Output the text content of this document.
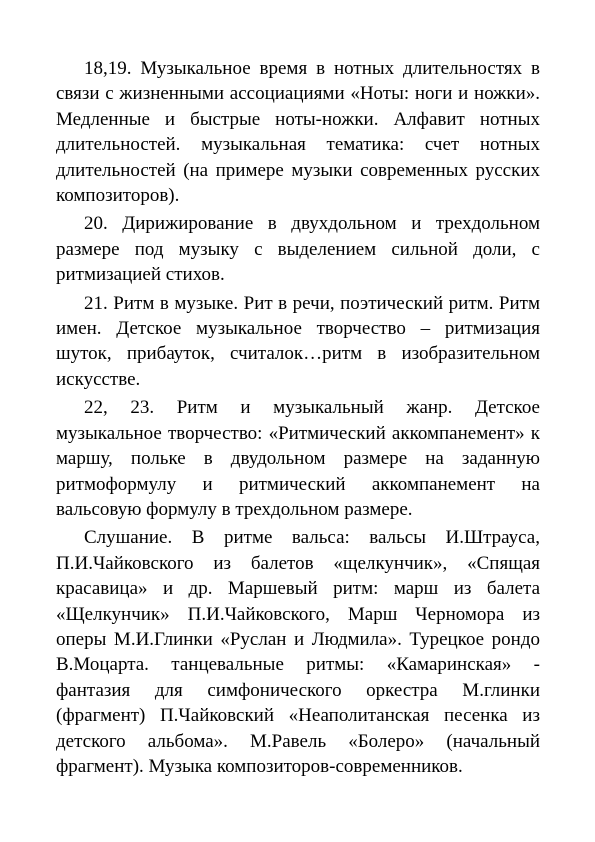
18,19. Музыкальное время в нотных длительностях в связи с жизненными ассоциациями «Ноты: ноги и ножки». Медленные и быстрые ноты-ножки. Алфавит нотных длительностей. музыкальная тематика: счет нотных длительностей (на примере музыки современных русских композиторов).

20. Дирижирование в двухдольном и трехдольном размере под музыку с выделением сильной доли, с ритмизацией стихов.

21. Ритм в музыке. Рит в речи, поэтический ритм. Ритм имен. Детское музыкальное творчество – ритмизация шуток, прибауток, считалок…ритм в изобразительном искусстве.

22, 23. Ритм и музыкальный жанр. Детское музыкальное творчество: «Ритмический аккомпанемент» к маршу, польке в двудольном размере на заданную ритмоформулу и ритмический аккомпанемент на вальсовую формулу в трехдольном размере.

Слушание. В ритме вальса: вальсы И.Штрауса, П.И.Чайковского из балетов «щелкунчик», «Спящая красавица» и др. Маршевый ритм: марш из балета «Щелкунчик» П.И.Чайковского, Марш Черномора из оперы М.И.Глинки «Руслан и Людмила». Турецкое рондо В.Моцарта. танцевальные ритмы: «Камаринская» - фантазия для симфонического оркестра М.глинки (фрагмент) П.Чайковский «Неаполитанская песенка из детского альбома». М.Равель «Болеро» (начальный фрагмент). Музыка композиторов-современников.
